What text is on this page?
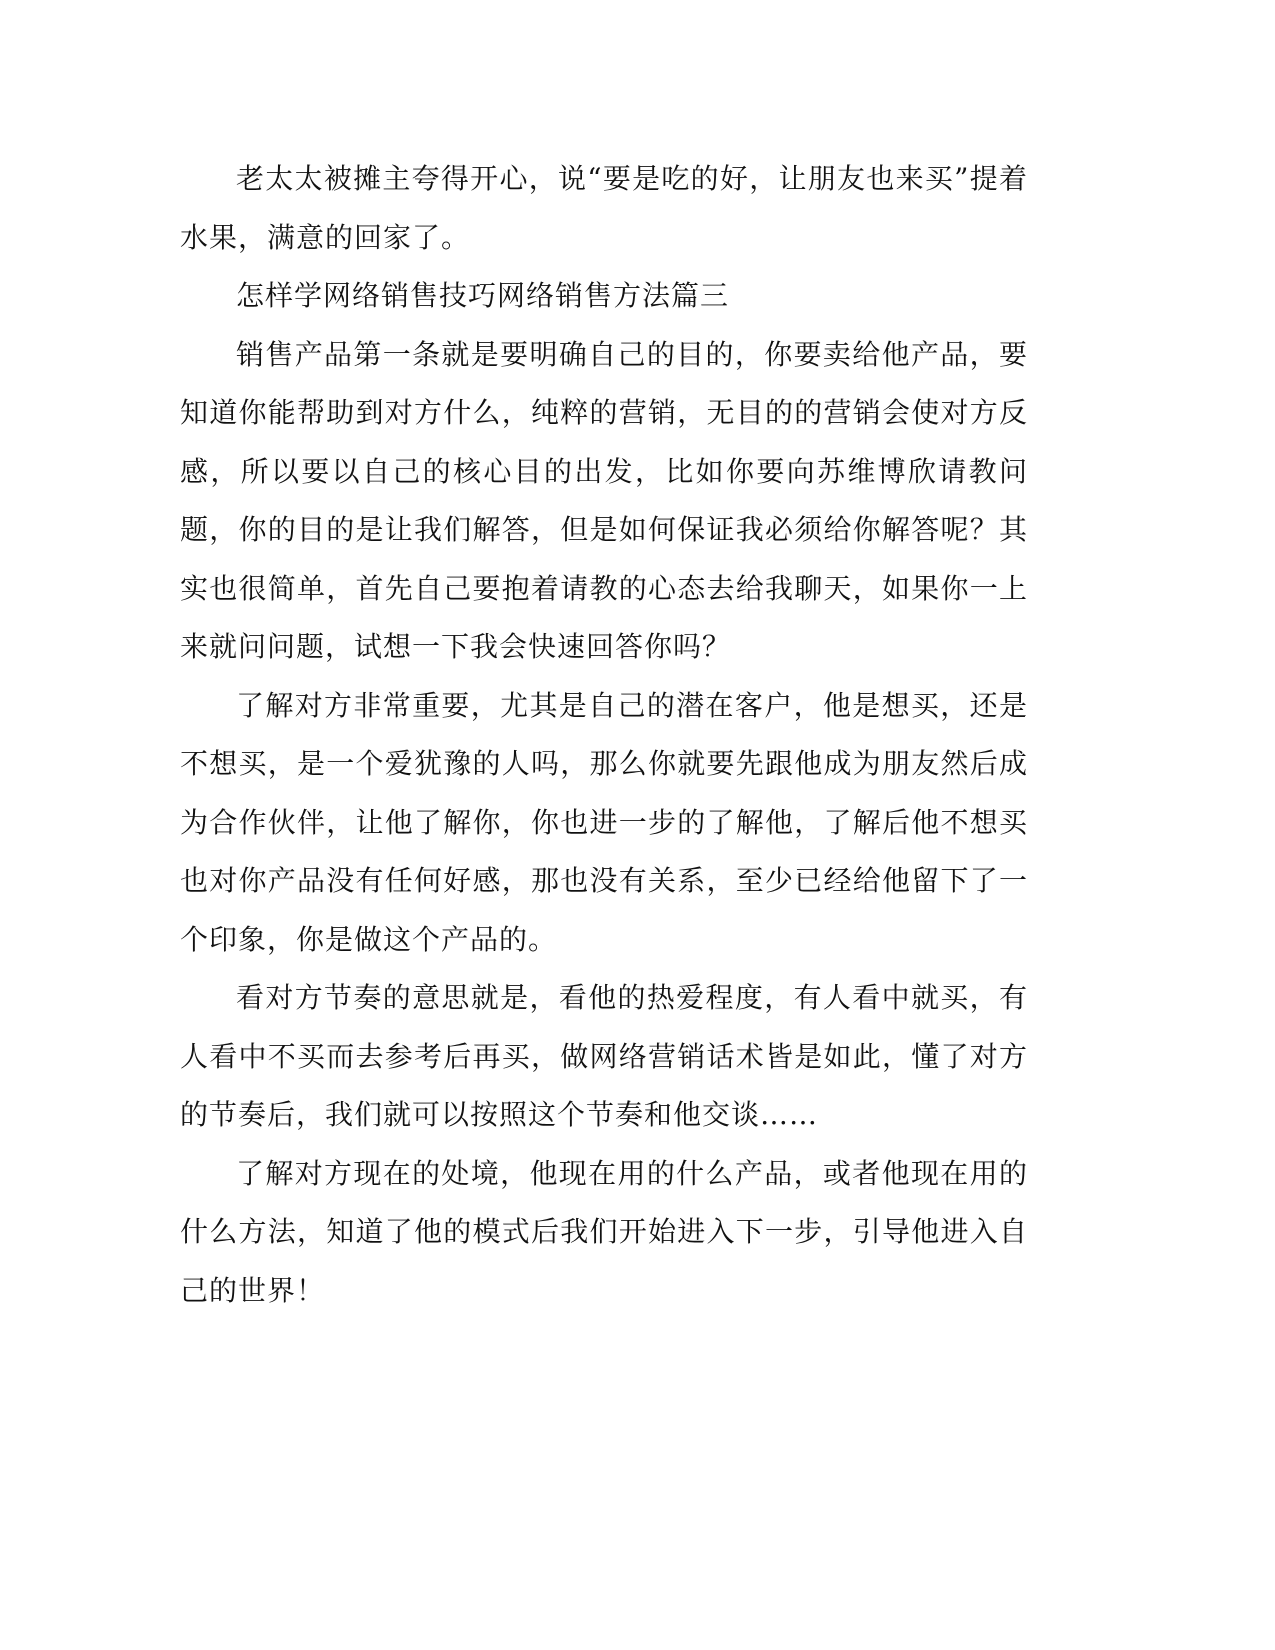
老太太被摊主夸得开心，说“要是吃的好，让朋友也来买”提着水果，满意的回家了。

怎样学网络销售技巧网络销售方法篇三

销售产品第一条就是要明确自己的目的，你要卖给他产品，要知道你能帮助到对方什么，纯粹的营销，无目的的营销会使对方反感，所以要以自己的核心目的出发，比如你要向苏维博欣请教问题，你的目的是让我们解答，但是如何保证我必须给你解答呢？其实也很简单，首先自己要抱着请教的心态去给我聊天，如果你一上来就问问题，试想一下我会快速回答你吗？

了解对方非常重要，尤其是自己的潜在客户，他是想买，还是不想买，是一个爱犹豫的人吗，那么你就要先跟他成为朋友然后成为合作伙伴，让他了解你，你也进一步的了解他，了解后他不想买也对你产品没有任何好感，那也没有关系，至少已经给他留下了一个印象，你是做这个产品的。

看对方节奏的意思就是，看他的热爱程度，有人看中就买，有人看中不买而去参考后再买，做网络营销话术皆是如此，懂了对方的节奏后，我们就可以按照这个节奏和他交谈……

了解对方现在的处境，他现在用的什么产品，或者他现在用的什么方法，知道了他的模式后我们开始进入下一步，引导他进入自己的世界！
